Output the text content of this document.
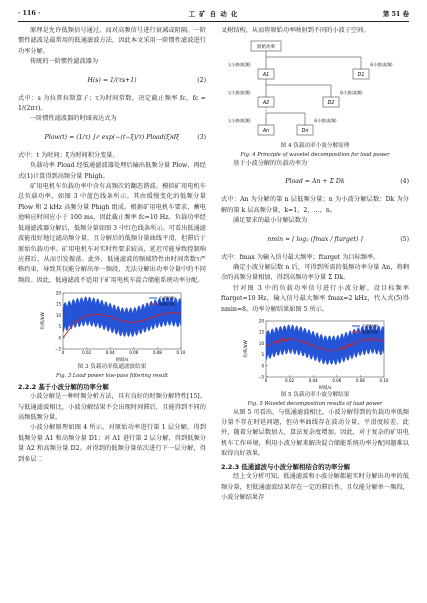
· 116 ·	工 矿 自 动 化	第 51 卷

原理是允许低频信号通过，而对高频信号进行衰减或阻隔。一阶惯性滤波是最常用的低通滤波方法，因此本文采用一阶惯性滤波进行功率分解。

传统的一阶惯性滤波器为

H(s) = 1/(τs+1)	(2)

式中：s 为拉普拉斯算子；τ为时间常数，决定截止频率 fc，fc = 1/(2πτ)。

一阶惯性滤波器的时域表达式为

Plow(t) = (1/τ) ∫₀ᵗ exp(−(t−ξ)/τ) Pload(ξ)dξ	(3)

式中：t 为时间；ξ为时间积分变量。

负载功率 Pload 经低通滤波器处理后输出低频分量 Plow，再经式(1)计算得到高频分量 Phigh。

矿用电机车负载功率中含有高频次的翻态谐波。模拟矿用电机车总负载功率，如图 3 中蓝色线条所示。其由缓慢变化的低频分量 Plow 和 2 kHz 高频分量 Phigh 组成。根据矿用电机车要求，蓄电池响应时间应小于 100 ms，因此截止频率 fc=10 Hz。负载功率经低通滤波器分解后，低频分量如图 3 中红色线条所示。可看出低通滤波能很好地过滤高频分量，且分解后的低频分量曲线平滑，但滞后于原始负载功率。矿用电机车对实时性要求较高，延迟可能导致控制响应滞后，从而引发振荡。此外，低通滤波的频域特性由时间常数τ严格约束，导致其仅能分解出单一频段，无法分解出功率分量中的不同频段。因此，低通滤波不适用于矿用电机车混合储能系统功率分配。

20
15
10
5
0
−5
0	0.02	0.04	0.06	0.08	0.10
功率/kW
时间/s
负载功率
低频功率
图 3 负载功率低通滤波结果
Fig. 3 Load power low-pass filtering result
2.2.2 基于小波分解的功率分解

小波分解是一种时频分析方法，具有良好的时频分解特性[15]。与低通滤波相比，小波分解结果不会出现时间滞后，且能得到不同的高频低频分量。

小波分解原理如图 4 所示。对原始功率进行第 1 层分解，得到低频分量 A1 和高频分量 D1；对 A1 进行第 2 层分解，得到低频分量 A2 和高频分量 D2。对得到的低频分量依次进行下一层分解，得到多层二

叉树结构，从而将原始功率映射到不同的小波子空间。

原始功率
父小波(低频)	母小波(高频)
父小波(低频)	母小波(高频)
父小波(低频)	母小波(高频)
A1	D1
A2	D2
An	Dn
图 4 负载功率小波分解原理
Fig. 4 Principle of wavelet decomposition for load power

基于小波分解的负载功率为

Pload = An + Σ Dk	(4)

式中：An 为分解的第 n 层低频分量；n 为小波分解层数；Dk 为分解的第 k 层高频分量，k=1，2，…，n。

满足要求的最小分解层数为

nmin = ⌈ log₂ (fmax / ftarget) ⌉	(5)

式中：fmax 为输入信号最大频率；ftarget 为目标频率。

确定小波分解层数 n 后，可得到所需的低频功率分量 An，将剩余的高频分量相加，得到高频功率分量 Σ Dk。

针对图 3 中的负载功率信号进行小波分解。设目标频率 ftarget=10 Hz，输入信号最大频率 fmax=2 kHz，代入式(5)得 nmin=8。功率分解结果如图 5 所示。

20
15
10
5
0
−5
0	0.02	0.04	0.06	0.08	0.10
功率/kW
时间/s
负载功率
低频功率
图 5 负载功率小波分解结果
Fig. 5 Wavelet decomposition results of load power

从图 5 可看出，与低通滤波相比，小波分解得到的负载功率低频分量不存在时延问题，但功率曲线存在波动分量，平滑度较差。此外，随着分解层数加大，算法复杂度增加。因此，对于复杂的矿用电机车工作环境，利用小波分解来解决混合储能系统功率分配问题难以取得良好效果。

2.2.3 低通滤波与小波分解相结合的功率分解

经上文分析可知，低通滤波和小波分解都能实时分解出功率的低频分量，但低通滤波结果存在一定的滞后性，且仅能分解单一频段，小波分解结果存
